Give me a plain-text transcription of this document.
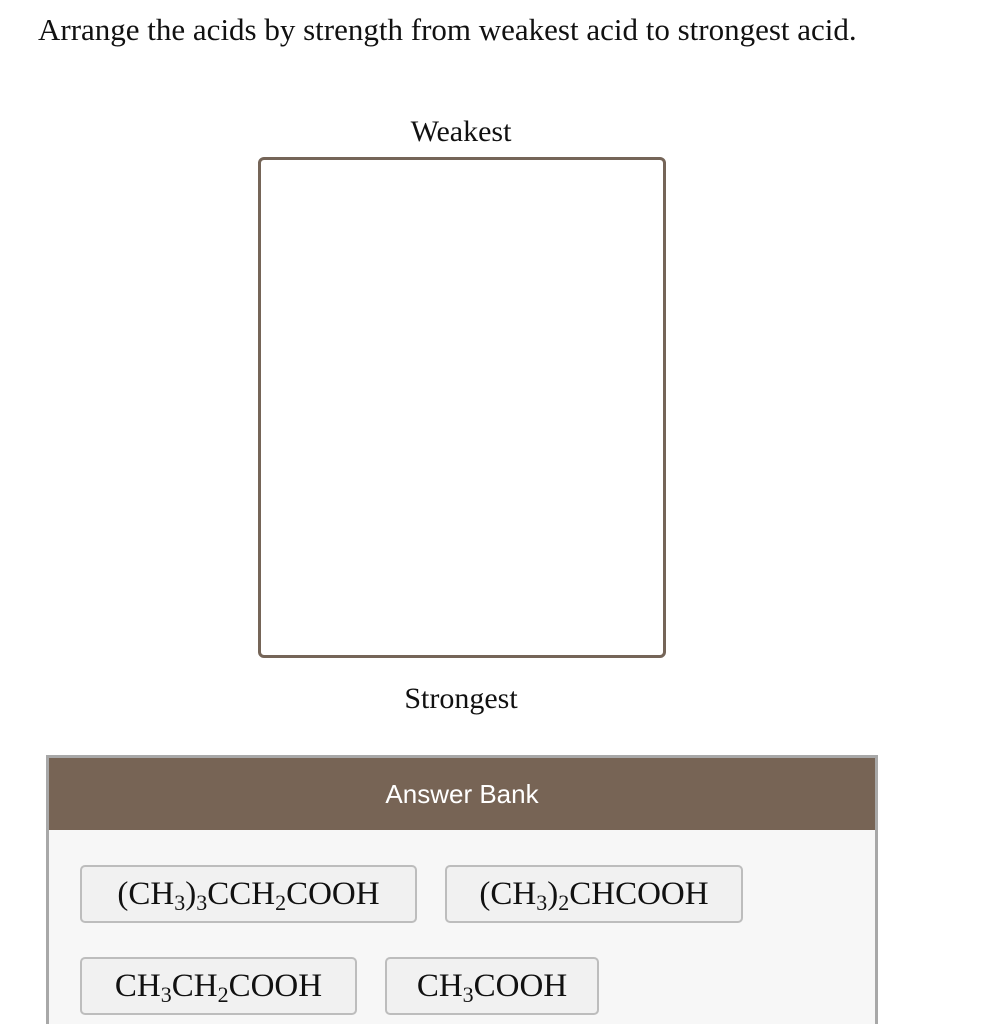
Arrange the acids by strength from weakest acid to strongest acid.
Weakest
Strongest
Answer Bank
$(CH_3)_3CCH_2COOH$	$(CH_3)_2CHCOOH$
$CH_3CH_2COOH$	$CH_3COOH$
